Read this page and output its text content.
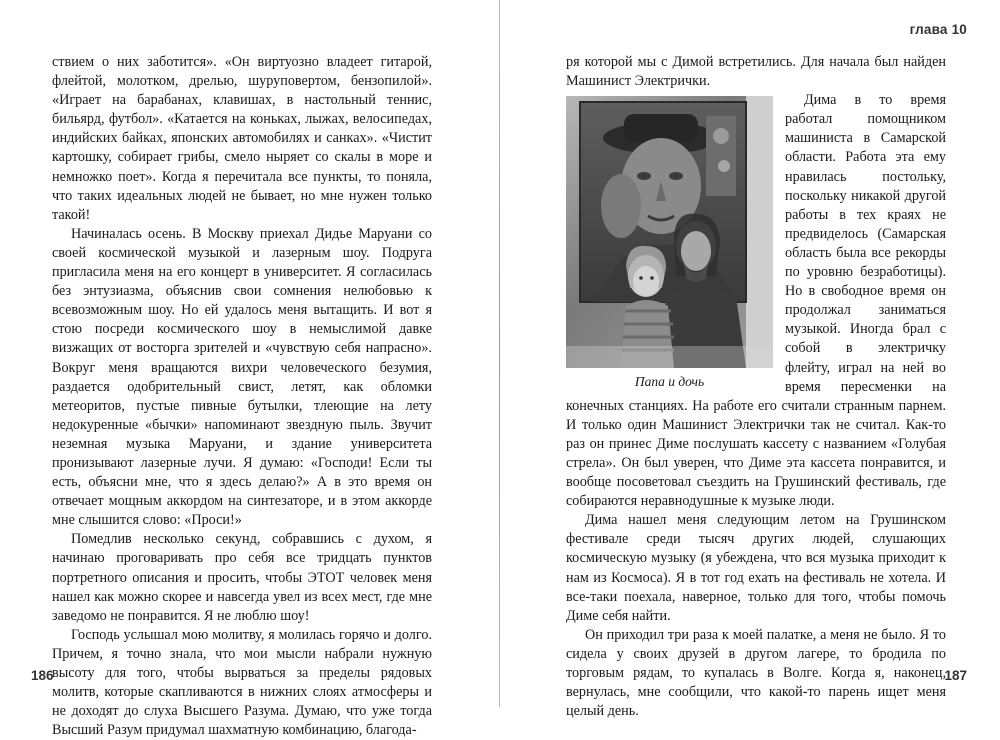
ствием о них заботится». «Он виртуозно владеет гитарой, флейтой, молотком, дрелью, шуруповертом, бензопилой». «Играет на барабанах, клавишах, в настольный теннис, бильярд, футбол». «Катается на коньках, лыжах, велосипедах, индийских байках, японских автомобилях и санках». «Чистит картошку, собирает грибы, смело ныряет со скалы в море и немножко поет». Когда я перечитала все пункты, то поняла, что таких идеальных людей не бывает, но мне нужен только такой!

Начиналась осень. В Москву приехал Дидье Маруани со своей космической музыкой и лазерным шоу. Подруга пригласила меня на его концерт в университет. Я согласилась без энтузиазма, объяснив свои сомнения нелюбовью к всевозможным шоу. Но ей удалось меня вытащить. И вот я стою посреди космического шоу в немыслимой давке визжащих от восторга зрителей и «чувствую себя напрасно». Вокруг меня вращаются вихри человеческого безумия, раздается одобрительный свист, летят, как обломки метеоритов, пустые пивные бутылки, тлеющие на лету недокуренные «бычки» напоминают звездную пыль. Звучит неземная музыка Маруани, и здание университета пронизывают лазерные лучи. Я думаю: «Господи! Если ты есть, объясни мне, что я здесь делаю?» А в это время он отвечает мощным аккордом на синтезаторе, и в этом аккорде мне слышится слово: «Проси!»

Помедлив несколько секунд, собравшись с духом, я начинаю проговаривать про себя все тридцать пунктов портретного описания и просить, чтобы ЭТОТ человек меня нашел как можно скорее и навсегда увел из всех мест, где мне заведомо не понравится. Я не люблю шоу!

Господь услышал мою молитву, я молилась горячо и долго. Причем, я точно знала, что мои мысли набрали нужную высоту для того, чтобы вырваться за пределы рядовых молитв, которые скапливаются в нижних слоях атмосферы и не доходят до слуха Высшего Разума. Думаю, что уже тогда Высший Разум придумал шахматную комбинацию, благода-

186
глава 10

ря которой мы с Димой встретились. Для начала был найден Машинист Электрички.

Папа и дочь

Дима в то время работал помощником машиниста в Самарской области. Работа эта ему нравилась постольку, поскольку никакой другой работы в тех краях не предвиделось (Самарская область была все рекорды по уровню безработицы). Но в свободное время он продолжал заниматься музыкой. Иногда брал с собой в электричку флейту, играл на ней во время пересменки на конечных станциях. На работе его считали странным парнем. И только один Машинист Электрички так не считал. Как-то раз он принес Диме послушать кассету с названием «Голубая стрела». Он был уверен, что Диме эта кассета понравится, и вообще посоветовал съездить на Грушинский фестиваль, где собираются неравнодушные к музыке люди.

Дима нашел меня следующим летом на Грушинском фестивале среди тысяч других людей, слушающих космическую музыку (я убеждена, что вся музыка приходит к нам из Космоса). Я в тот год ехать на фестиваль не хотела. И все-таки поехала, наверное, только для того, чтобы помочь Диме себя найти.

Он приходил три раза к моей палатке, а меня не было. Я то сидела у своих друзей в другом лагере, то бродила по торговым рядам, то купалась в Волге. Когда я, наконец, вернулась, мне сообщили, что какой-то парень ищет меня целый день.

187
